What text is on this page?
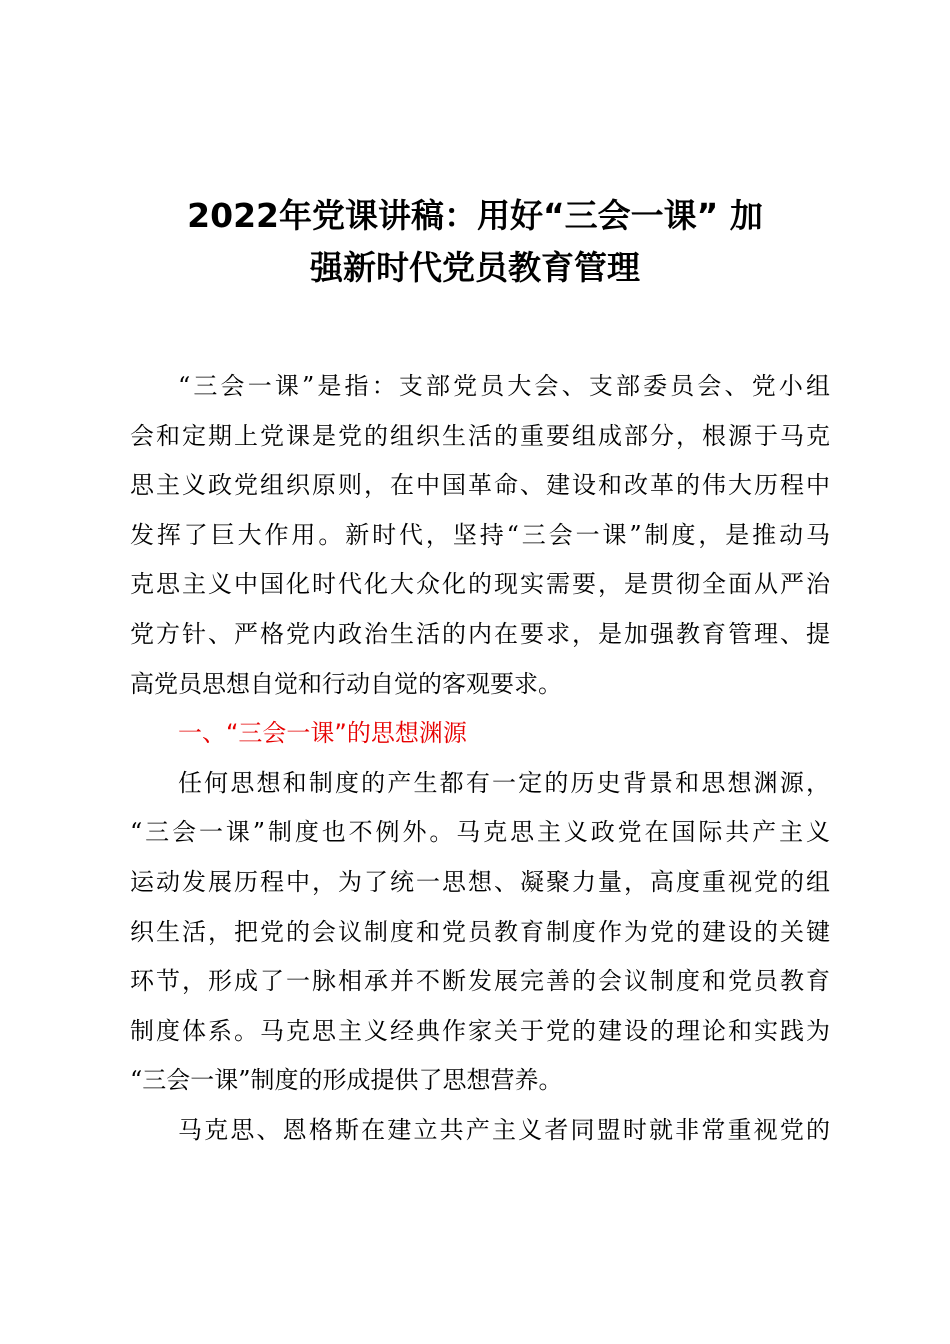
2022年党课讲稿：用好“三会一课” 加
强新时代党员教育管理
“三会一课”是指：支部党员大会、支部委员会、党小组
会和定期上党课是党的组织生活的重要组成部分，根源于马克
思主义政党组织原则，在中国革命、建设和改革的伟大历程中
发挥了巨大作用。新时代，坚持“三会一课”制度，是推动马
克思主义中国化时代化大众化的现实需要，是贯彻全面从严治
党方针、严格党内政治生活的内在要求，是加强教育管理、提
高党员思想自觉和行动自觉的客观要求。
一、“三会一课”的思想渊源
任何思想和制度的产生都有一定的历史背景和思想渊源，
“三会一课”制度也不例外。马克思主义政党在国际共产主义
运动发展历程中，为了统一思想、凝聚力量，高度重视党的组
织生活，把党的会议制度和党员教育制度作为党的建设的关键
环节，形成了一脉相承并不断发展完善的会议制度和党员教育
制度体系。马克思主义经典作家关于党的建设的理论和实践为
“三会一课”制度的形成提供了思想营养。
马克思、恩格斯在建立共产主义者同盟时就非常重视党的
